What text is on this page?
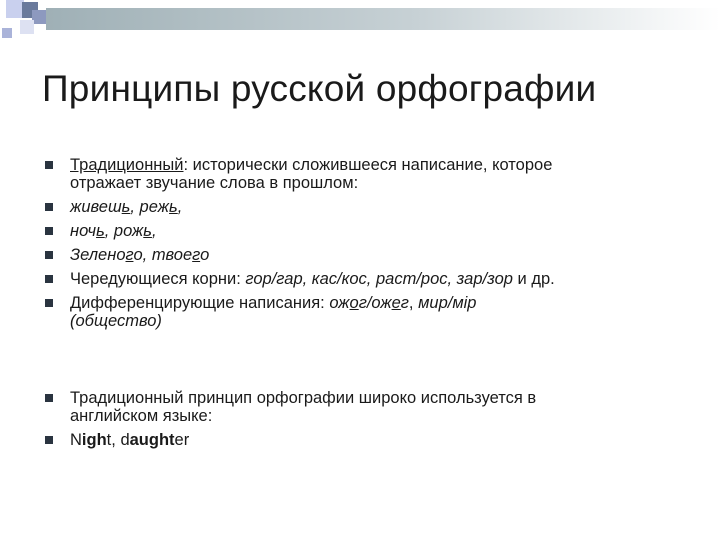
Принципы русской орфографии
Традиционный: исторически сложившееся написание, которое
отражает звучание слова в прошлом:
живешь, режь,
ночь, рожь,
Зеленого, твоего
Чередующиеся корни: гор/гар, кас/кос, раст/рос, зар/зор и др.
Дифференцирующие написания: ожог/ожег, мир/мір
(общество)
Традиционный принцип орфографии широко используется в
английском языке:
Night, daughter
